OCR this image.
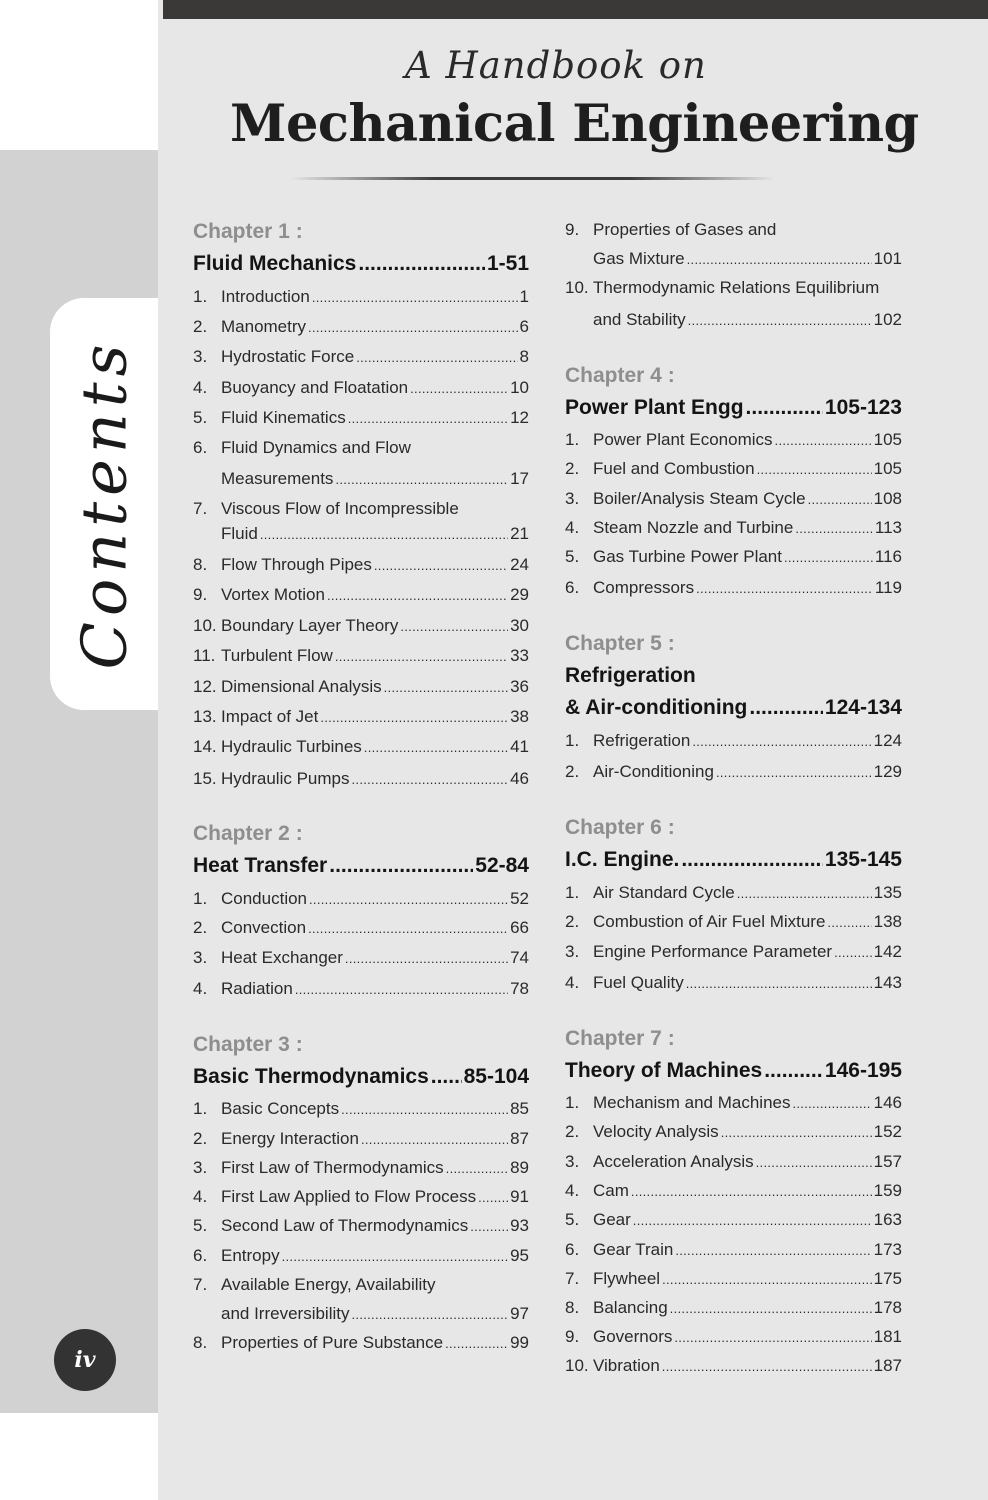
Contents
iv
A Handbook on
Mechanical Engineering
Chapter 1 :
Fluid Mechanics .....	1-51
1. Introduction .....	1
2. Manometry .....	6
3. Hydrostatic Force .....	8
4. Buoyancy and Floatation .....	10
5. Fluid Kinematics .....	12
6. Fluid Dynamics and Flow
Measurements .....	17
7. Viscous Flow of Incompressible
Fluid .....	21
8. Flow Through Pipes .....	24
9. Vortex Motion .....	29
10. Boundary Layer Theory .....	30
11. Turbulent Flow .....	33
12. Dimensional Analysis .....	36
13. Impact of Jet .....	38
14. Hydraulic Turbines .....	41
15. Hydraulic Pumps .....	46
Chapter 2 :
Heat Transfer .....	52-84
1. Conduction .....	52
2. Convection .....	66
3. Heat Exchanger .....	74
4. Radiation .....	78
Chapter 3 :
Basic Thermodynamics ..... 85-104
1. Basic Concepts .....	85
2. Energy Interaction .....	87
3. First Law of Thermodynamics .....	89
4. First Law Applied to Flow Process ..... 91
5. Second Law of Thermodynamics ..... 93
6. Entropy .....	95
7. Available Energy, Availability
and Irreversibility .....	97
8. Properties of Pure Substance .....	99
9. Properties of Gases and
Gas Mixture .....	101
10. Thermodynamic Relations Equilibrium
and Stability .....	102
Chapter 4 :
Power Plant Engg .....	105-123
1. Power Plant Economics .....	105
2. Fuel and Combustion .....	105
3. Boiler/Analysis Steam Cycle .....	108
4. Steam Nozzle and Turbine .....	113
5. Gas Turbine Power Plant .....	116
6. Compressors .....	119
Chapter 5 :
Refrigeration
& Air-conditioning .....	124-134
1. Refrigeration .....	124
2. Air-Conditioning .....	129
Chapter 6 :
I.C. Engine. .....	135-145
1. Air Standard Cycle .....	135
2. Combustion of Air Fuel Mixture .....	138
3. Engine Performance Parameter ..... 142
4. Fuel Quality .....	143
Chapter 7 :
Theory of Machines .....	146-195
1. Mechanism and Machines .....	146
2. Velocity Analysis .....	152
3. Acceleration Analysis .....	157
4. Cam .....	159
5. Gear .....	163
6. Gear Train .....	173
7. Flywheel .....	175
8. Balancing .....	178
9. Governors .....	181
10. Vibration .....	187
